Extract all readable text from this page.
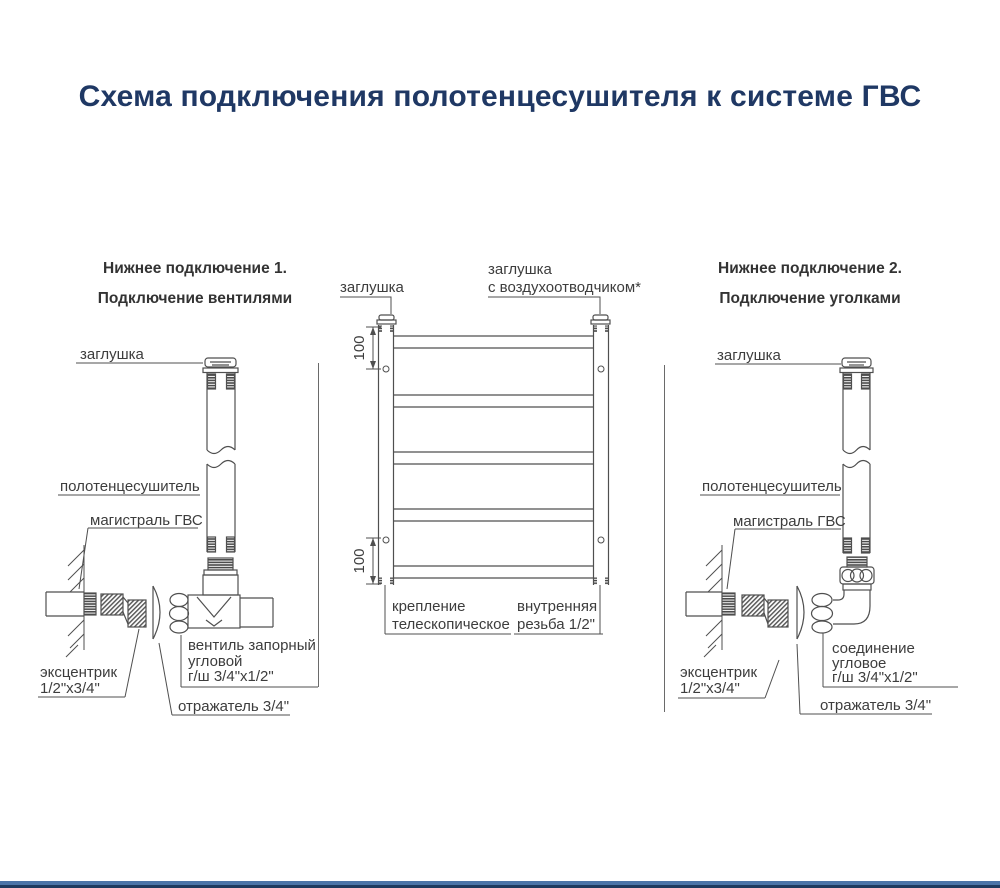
Схема подключения полотенцесушителя к системе ГВС
Нижнее подключение 1.
Подключение вентилями
заглушка
полотенцесушитель
магистраль ГВС
эксцентрик
1/2"х3/4"
вентиль запорный
угловой
г/ш 3/4"х1/2"
отражатель 3/4"
заглушка
заглушка
с воздухоотводчиком*
100
100
крепление
телескопическое
внутренняя
резьба 1/2"
Нижнее подключение 2.
Подключение уголками
заглушка
полотенцесушитель
магистраль ГВС
эксцентрик
1/2"х3/4"
соединение
угловое
г/ш 3/4"х1/2"
отражатель 3/4"
